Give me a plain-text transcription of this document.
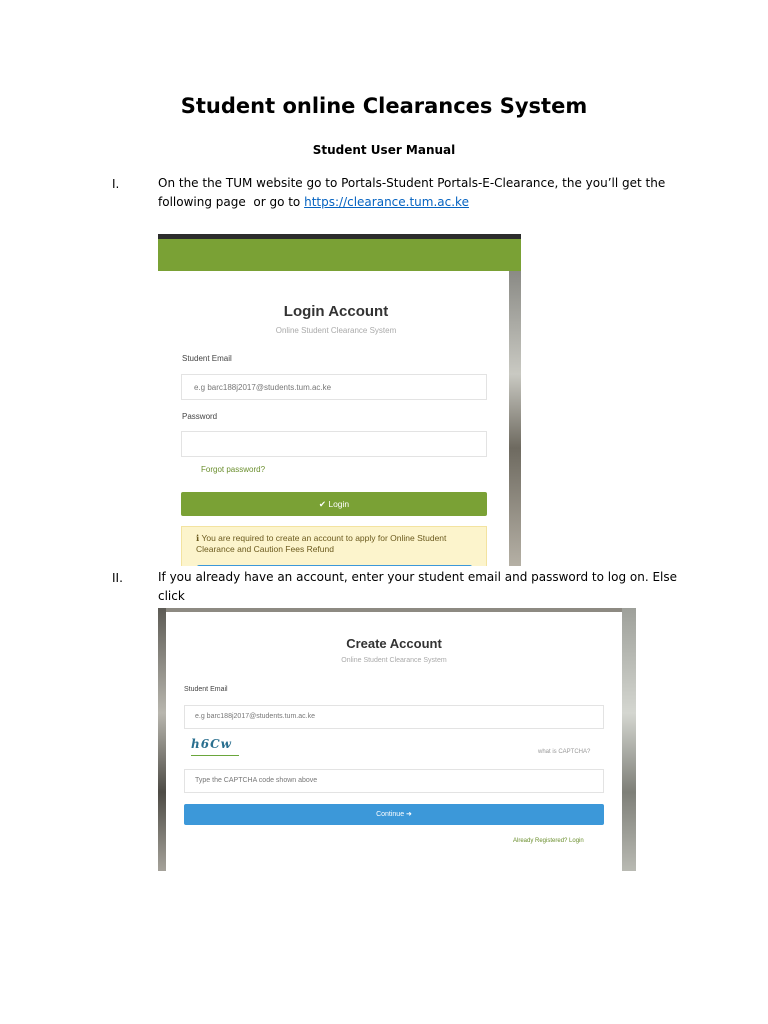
Student online Clearances System
Student User Manual
I.	On the the TUM website go to Portals-Student Portals-E-Clearance, the you’ll get the
following page  or go to https://clearance.tum.ac.ke
Login Account
Online Student Clearance System
Student Email
e.g barc188j2017@students.tum.ac.ke
Password
Forgot password?
✔ Login
ℹ You are required to create an account to apply for Online Student Clearance and Caution Fees Refund
II.	If you already have an account, enter your student email and password to log on. Else click
Create Account
Online Student Clearance System
Student Email
e.g barc188j2017@students.tum.ac.ke
h6Cw
what is CAPTCHA?
Type the CAPTCHA code shown above
Continue ➜
Already Registered? Login
